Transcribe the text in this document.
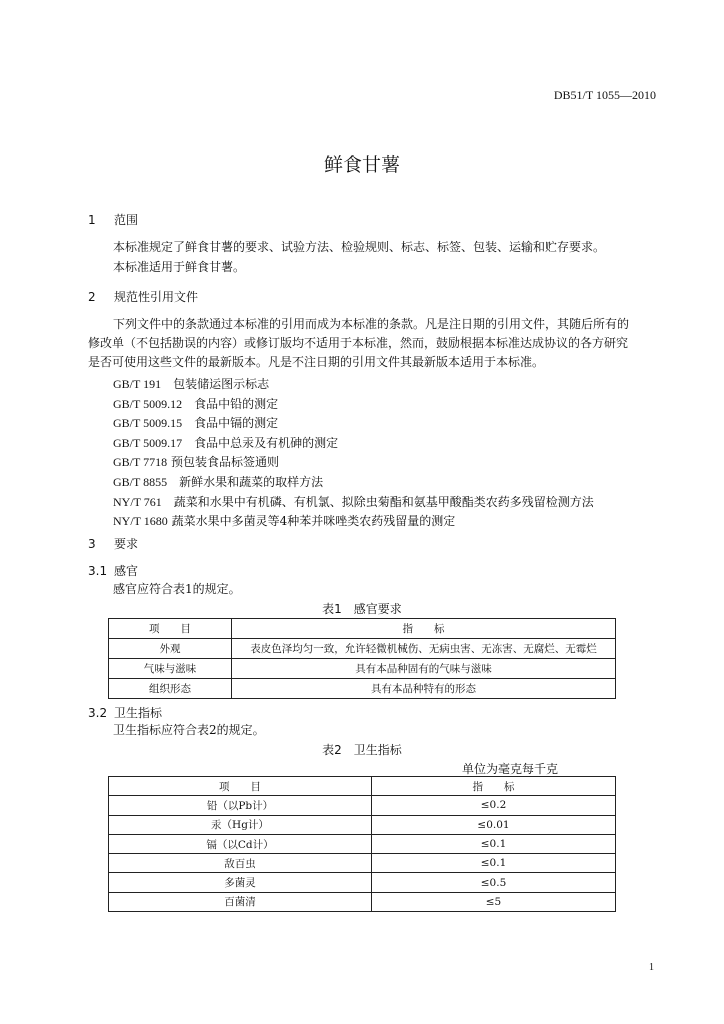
DB51/T 1055—2010
鲜食甘薯
1 范围
本标准规定了鲜食甘薯的要求、试验方法、检验规则、标志、标签、包装、运输和贮存要求。
本标准适用于鲜食甘薯。
2 规范性引用文件
下列文件中的条款通过本标准的引用而成为本标准的条款。凡是注日期的引用文件，其随后所有的
修改单（不包括勘误的内容）或修订版均不适用于本标准，然而，鼓励根据本标准达成协议的各方研究
是否可使用这些文件的最新版本。凡是不注日期的引用文件其最新版本适用于本标准。
GB/T 191　 包装储运图示标志
GB/T 5009.12　 食品中铅的测定
GB/T 5009.15　 食品中镉的测定
GB/T 5009.17　 食品中总汞及有机砷的测定
GB/T 7718 预包装食品标签通则
GB/T 8855　 新鲜水果和蔬菜的取样方法
NY/T 761　 蔬菜和水果中有机磷、有机氯、拟除虫菊酯和氨基甲酸酯类农药多残留检测方法
NY/T 1680 蔬菜水果中多菌灵等4种苯并咪唑类农药残留量的测定
3 要求
3.1 感官
感官应符合表1的规定。
表1　感官要求
项　　目	指　　标
外观	表皮色泽均匀一致，允许轻微机械伤、无病虫害、无冻害、无腐烂、无霉烂
气味与滋味	具有本品种固有的气味与滋味
组织形态	具有本品种特有的形态
3.2 卫生指标
卫生指标应符合表2的规定。
表2　卫生指标
单位为毫克每千克
项　　目	指　　标
铅（以Pb计）	≤0.2
汞（Hg计）	≤0.01
镉（以Cd计）	≤0.1
敌百虫	≤0.1
多菌灵	≤0.5
百菌清	≤5
1
